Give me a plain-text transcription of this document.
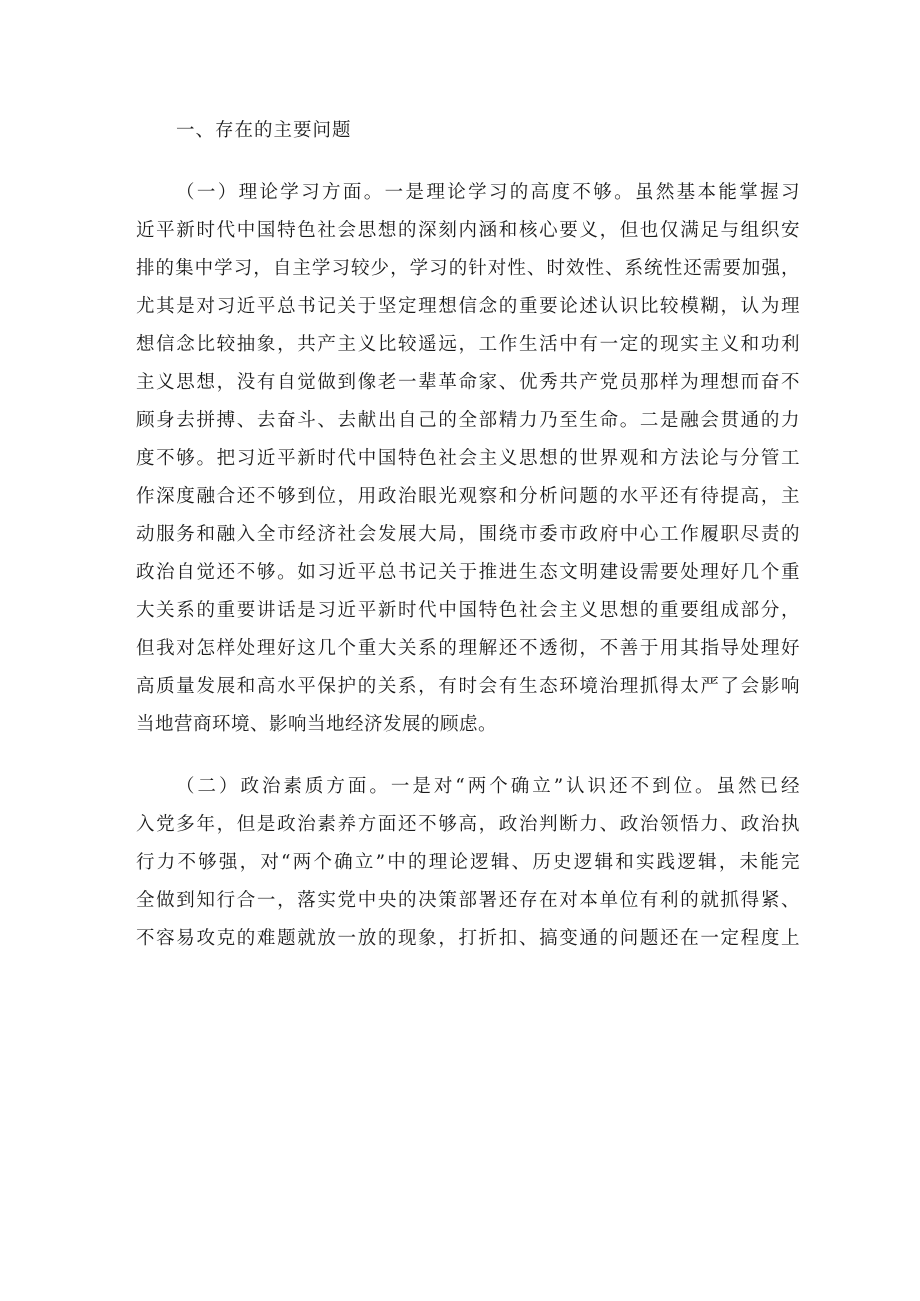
一、存在的主要问题
（一）理论学习方面。一是理论学习的高度不够。虽然基本能掌握习
近平新时代中国特色社会思想的深刻内涵和核心要义，但也仅满足与组织安
排的集中学习，自主学习较少，学习的针对性、时效性、系统性还需要加强，
尤其是对习近平总书记关于坚定理想信念的重要论述认识比较模糊，认为理
想信念比较抽象，共产主义比较遥远，工作生活中有一定的现实主义和功利
主义思想，没有自觉做到像老一辈革命家、优秀共产党员那样为理想而奋不
顾身去拼搏、去奋斗、去献出自己的全部精力乃至生命。二是融会贯通的力
度不够。把习近平新时代中国特色社会主义思想的世界观和方法论与分管工
作深度融合还不够到位，用政治眼光观察和分析问题的水平还有待提高，主
动服务和融入全市经济社会发展大局，围绕市委市政府中心工作履职尽责的
政治自觉还不够。如习近平总书记关于推进生态文明建设需要处理好几个重
大关系的重要讲话是习近平新时代中国特色社会主义思想的重要组成部分，
但我对怎样处理好这几个重大关系的理解还不透彻，不善于用其指导处理好
高质量发展和高水平保护的关系，有时会有生态环境治理抓得太严了会影响
当地营商环境、影响当地经济发展的顾虑。
（二）政治素质方面。一是对“两个确立”认识还不到位。虽然已经
入党多年，但是政治素养方面还不够高，政治判断力、政治领悟力、政治执
行力不够强，对“两个确立”中的理论逻辑、历史逻辑和实践逻辑，未能完
全做到知行合一，落实党中央的决策部署还存在对本单位有利的就抓得紧、
不容易攻克的难题就放一放的现象，打折扣、搞变通的问题还在一定程度上
